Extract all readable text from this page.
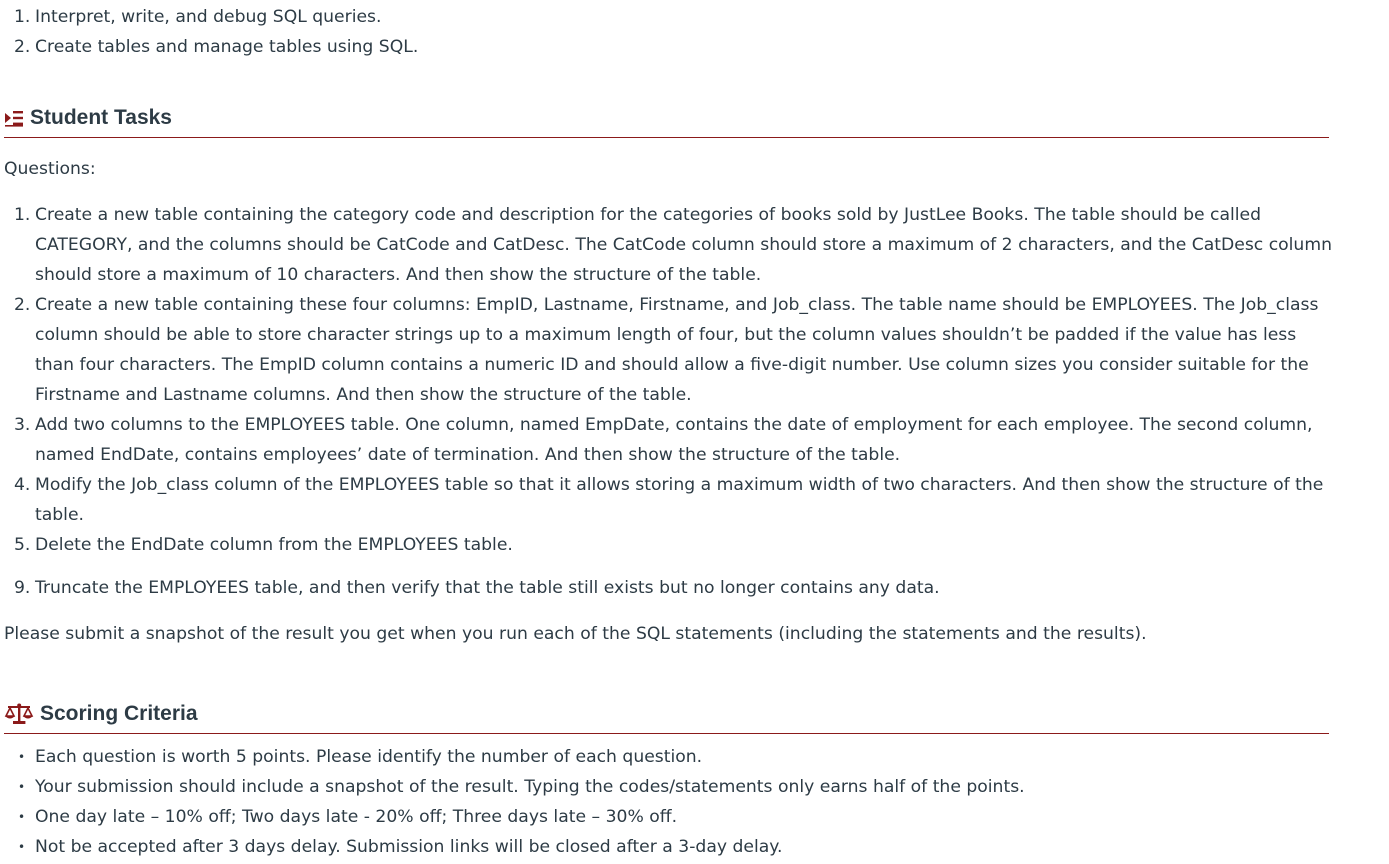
1. Interpret, write, and debug SQL queries.
2. Create tables and manage tables using SQL.
Student Tasks
Questions:
1. Create a new table containing the category code and description for the categories of books sold by JustLee Books. The table should be called CATEGORY, and the columns should be CatCode and CatDesc. The CatCode column should store a maximum of 2 characters, and the CatDesc column should store a maximum of 10 characters. And then show the structure of the table.
2. Create a new table containing these four columns: EmpID, Lastname, Firstname, and Job_class. The table name should be EMPLOYEES. The Job_class column should be able to store character strings up to a maximum length of four, but the column values shouldn’t be padded if the value has less than four characters. The EmpID column contains a numeric ID and should allow a five-digit number. Use column sizes you consider suitable for the Firstname and Lastname columns. And then show the structure of the table.
3. Add two columns to the EMPLOYEES table. One column, named EmpDate, contains the date of employment for each employee. The second column, named EndDate, contains employees’ date of termination. And then show the structure of the table.
4. Modify the Job_class column of the EMPLOYEES table so that it allows storing a maximum width of two characters. And then show the structure of the table.
5. Delete the EndDate column from the EMPLOYEES table.
9. Truncate the EMPLOYEES table, and then verify that the table still exists but no longer contains any data.
Please submit a snapshot of the result you get when you run each of the SQL statements (including the statements and the results).
Scoring Criteria
• Each question is worth 5 points. Please identify the number of each question.
• Your submission should include a snapshot of the result. Typing the codes/statements only earns half of the points.
• One day late – 10% off; Two days late - 20% off; Three days late – 30% off.
• Not be accepted after 3 days delay. Submission links will be closed after a 3-day delay.
